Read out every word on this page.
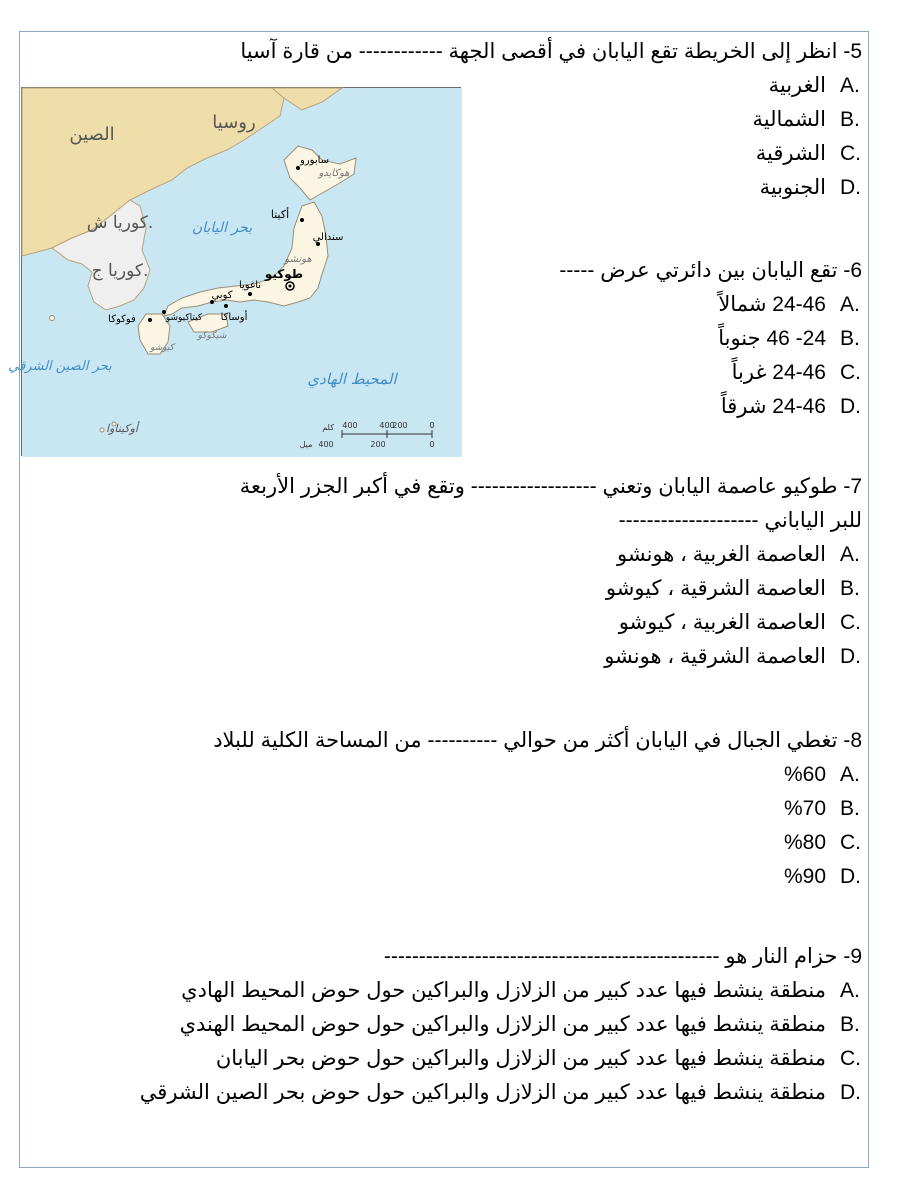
الصين
روسيا
كوريا ش.
كوريا ج.
بحر اليابان
بحر الصين الشرقي
المحيط الهادي
أوكيناوا
سابورو
هوكايدو
أكيتا
سندالي
هونشو
طوكيو
ناغويا
كوبي
أوساكا
كيتاكيوشو
فوكوكا
شيكوكو
كيوشو
كلم 400	400
200	0
ميل 400	200	0
5- انظر إلى الخريطة تقع اليابان في أقصى الجهة ------------ من قارة آسيا
A.
الغربية
B.
الشمالية
C.
الشرقية
D.
الجنوبية
6- تقع اليابان بين دائرتي عرض -----
A.
24-46 شمالاً
B.
24- 46 جنوباً
C.
24-46 غرباً
D.
24-46 شرقاً
7- طوكيو عاصمة اليابان وتعني ------------------ وتقع في أكبر الجزر الأربعة
للبر الياباني --------------------
A.
العاصمة الغربية ، هونشو
B.
العاصمة الشرقية ، كيوشو
C.
العاصمة الغربية ، كيوشو
D.
العاصمة الشرقية ، هونشو
8- تغطي الجبال في اليابان أكثر من حوالي ---------- من المساحة الكلية للبلاد
A.
%60
B.
%70
C.
%80
D.
%90
9- حزام النار هو ------------------------------------------------
A.
منطقة ينشط فيها عدد كبير من الزلازل والبراكين حول حوض المحيط الهادي
B.
منطقة ينشط فيها عدد كبير من الزلازل والبراكين حول حوض المحيط الهندي
C.
منطقة ينشط فيها عدد كبير من الزلازل والبراكين حول حوض بحر اليابان
D.
منطقة ينشط فيها عدد كبير من الزلازل والبراكين حول حوض بحر الصين الشرقي
